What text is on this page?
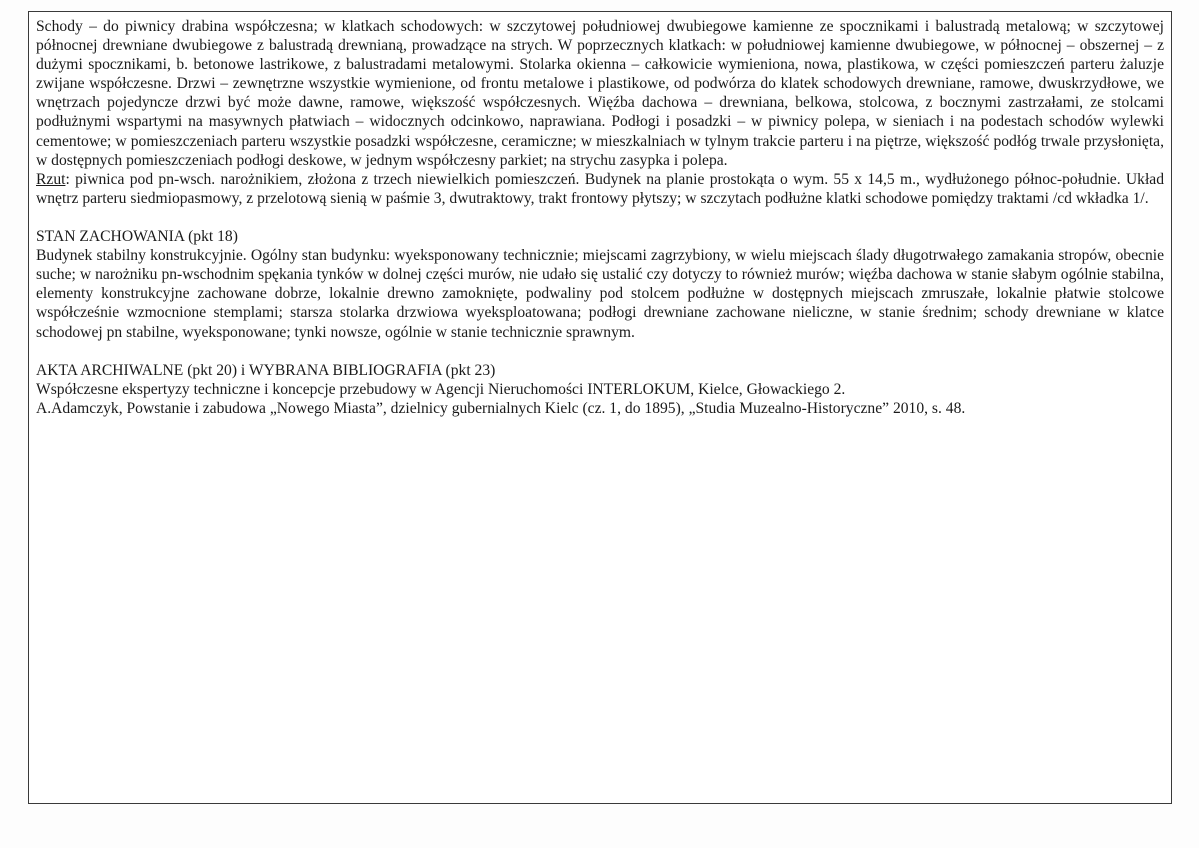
Schody – do piwnicy drabina współczesna; w klatkach schodowych: w szczytowej południowej dwubiegowe kamienne ze spocznikami i balustradą metalową; w szczytowej północnej drewniane dwubiegowe z balustradą drewnianą, prowadzące na strych. W poprzecznych klatkach: w południowej kamienne dwubiegowe, w północnej – obszernej – z dużymi spocznikami, b. betonowe lastrikowe, z balustradami metalowymi. Stolarka okienna – całkowicie wymieniona, nowa, plastikowa, w części pomieszczeń parteru żaluzje zwijane współczesne. Drzwi – zewnętrzne wszystkie wymienione, od frontu metalowe i plastikowe, od podwórza do klatek schodowych drewniane, ramowe, dwuskrzydłowe, we wnętrzach pojedyncze drzwi być może dawne, ramowe, większość współczesnych. Więźba dachowa – drewniana, belkowa, stolcowa, z bocznymi zastrzałami, ze stolcami podłużnymi wspartymi na masywnych płatwiach – widocznych odcinkowo, naprawiana. Podłogi i posadzki – w piwnicy polepa, w sieniach i na podestach schodów wylewki cementowe; w pomieszczeniach parteru wszystkie posadzki współczesne, ceramiczne; w mieszkalniach w tylnym trakcie parteru i na piętrze, większość podłóg trwale przysłonięta, w dostępnych pomieszczeniach podłogi deskowe, w jednym współczesny parkiet; na strychu zasypka i polepa.

Rzut: piwnica pod pn-wsch. narożnikiem, złożona z trzech niewielkich pomieszczeń. Budynek na planie prostokąta o wym. 55 x 14,5 m., wydłużonego północ-południe. Układ wnętrz parteru siedmiopasmowy, z przelotową sienią w paśmie 3, dwutraktowy, trakt frontowy płytszy; w szczytach podłużne klatki schodowe pomiędzy traktami /cd wkładka 1/.

STAN ZACHOWANIA (pkt 18)

Budynek stabilny konstrukcyjnie. Ogólny stan budynku: wyeksponowany technicznie; miejscami zagrzybiony, w wielu miejscach ślady długotrwałego zamakania stropów, obecnie suche; w narożniku pn-wschodnim spękania tynków w dolnej części murów, nie udało się ustalić czy dotyczy to również murów; więźba dachowa w stanie słabym ogólnie stabilna, elementy konstrukcyjne zachowane dobrze, lokalnie drewno zamoknięte, podwaliny pod stolcem podłużne w dostępnych miejscach zmruszałe, lokalnie płatwie stolcowe współcześnie wzmocnione stemplami; starsza stolarka drzwiowa wyeksploatowana; podłogi drewniane zachowane nieliczne, w stanie średnim; schody drewniane w klatce schodowej pn stabilne, wyeksponowane; tynki nowsze, ogólnie w stanie technicznie sprawnym.

AKTA ARCHIWALNE (pkt 20) i WYBRANA BIBLIOGRAFIA (pkt 23)

Współczesne ekspertyzy techniczne i koncepcje przebudowy w Agencji Nieruchomości INTERLOKUM, Kielce, Głowackiego 2.

A.Adamczyk, Powstanie i zabudowa „Nowego Miasta”, dzielnicy gubernialnych Kielc (cz. 1, do 1895), „Studia Muzealno-Historyczne” 2010, s. 48.
